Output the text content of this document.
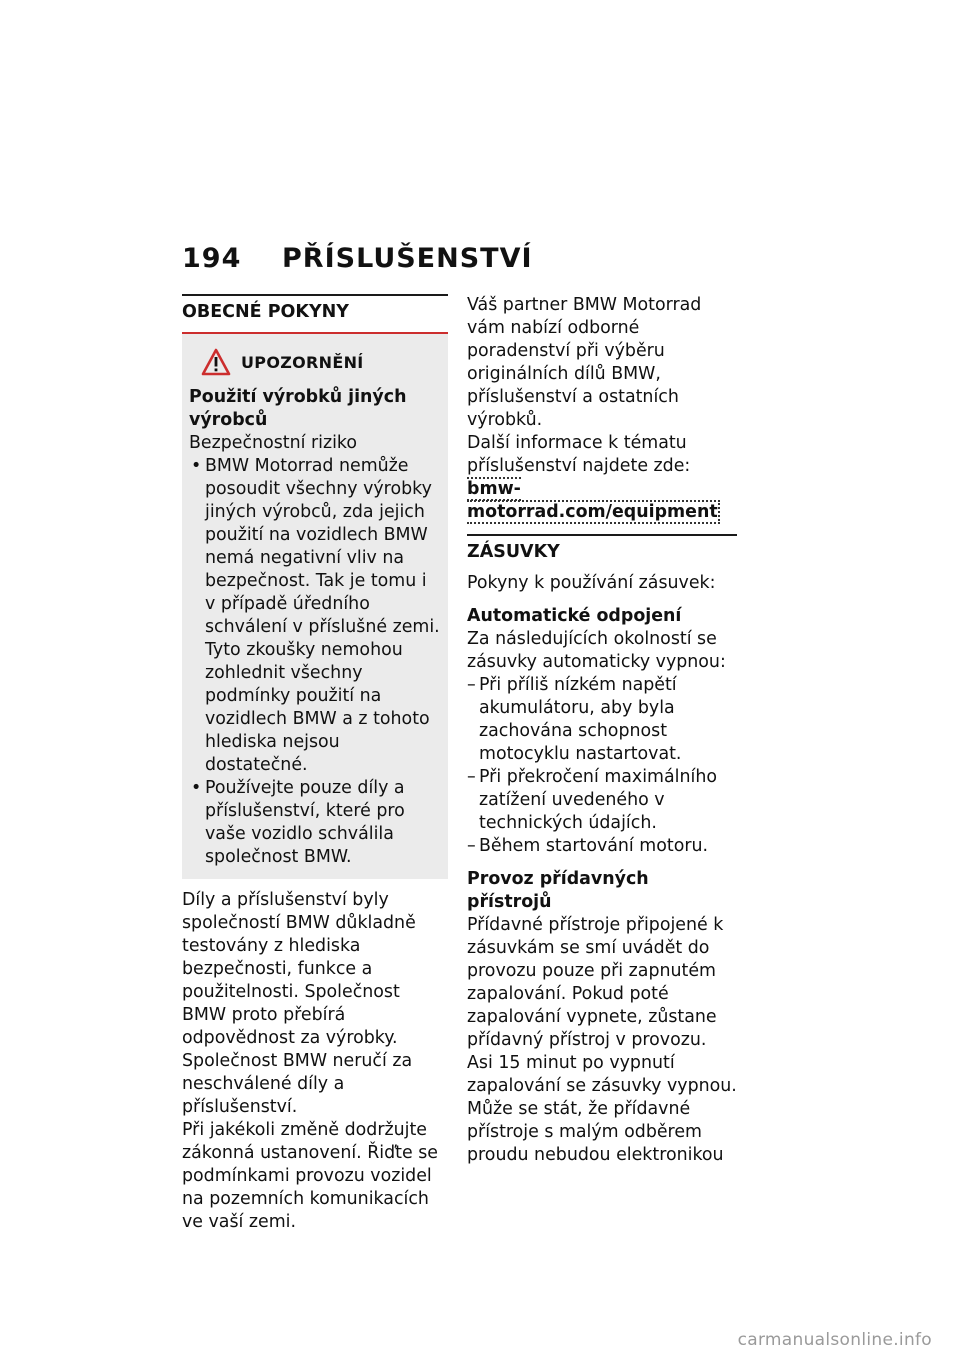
194	PŘÍSLUŠENSTVÍ
OBECNÉ POKYNY
UPOZORNĚNÍ

Použití výrobků jiných výrobců

Bezpečnostní riziko

• BMW Motorrad nemůže posoudit všechny výrobky jiných výrobců, zda jejich použití na vozidlech BMW nemá negativní vliv na bezpečnost. Tak je tomu i v případě úředního schválení v příslušné zemi. Tyto zkoušky nemohou zohlednit všechny podmínky použití na vozidlech BMW a z tohoto hlediska nejsou dostatečné.
• Používejte pouze díly a příslušenství, které pro vaše vozidlo schválila společnost BMW.

Díly a příslušenství byly společností BMW důkladně testovány z hlediska bezpečnosti, funkce a použitelnosti. Společnost BMW proto přebírá odpovědnost za výrobky. Společnost BMW neručí za neschválené díly a příslušenství.

Při jakékoli změně dodržujte zákonná ustanovení. Řiďte se podmínkami provozu vozidel na pozemních komunikacích ve vaší zemi.

Váš partner BMW Motorrad vám nabízí odborné poradenství při výběru originálních dílů BMW, příslušenství a ostatních výrobků.

Další informace k tématu příslušenství najdete zde:

bmw-motorrad.com/equipment
ZÁSUVKY

Pokyny k používání zásuvek:

Automatické odpojení

Za následujících okolností se zásuvky automaticky vypnou:

– Při příliš nízkém napětí akumulátoru, aby byla zachována schopnost motocyklu nastartovat.
– Při překročení maximálního zatížení uvedeného v technických údajích.
– Během startování motoru.

Provoz přídavných přístrojů

Přídavné přístroje připojené k zásuvkám se smí uvádět do provozu pouze při zapnutém zapalování. Pokud poté zapalování vypnete, zůstane přídavný přístroj v provozu. Asi 15 minut po vypnutí zapalování se zásuvky vypnou.

Může se stát, že přídavné přístroje s malým odběrem proudu nebudou elektronikou

carmanualsonline.info
